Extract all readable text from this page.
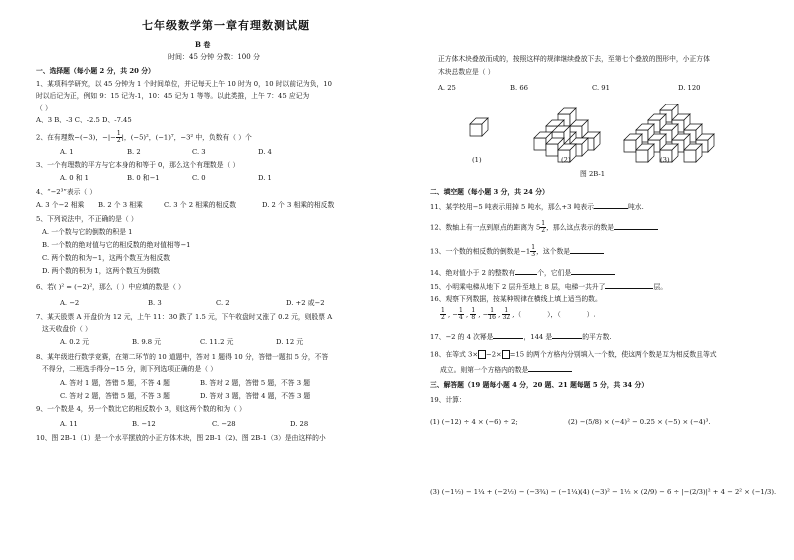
七年级数学第一章有理数测试题
B 卷
时间：45 分钟 分数：100 分
一、选择题（每小题 2 分，共 20 分）
1、某项科学研究，以 45 分钟为 1 个时间单位，并记每天上午 10 时为 0，10 时以前记为负，10
时以后记为正，例如 9：15 记为-1，10：45 记为 1 等等。以此类推，上午 7：45 应记为
（ ）
A、3 B、-3 C、-2.5 D、-7.45
2、在有理数−(−3)，−|− $\frac{1}{2}$ |，(−5)²，(−1)⁷，−3² 中，负数有（ ）个
A. 1	B. 2	C. 3	D. 4
3、一个有理数的平方与它本身的和等于 0，那么这个有理数是（ ）
A. 0 和 1	B. 0 和−1	C. 0	D. 1
4、“−2³”表示（ ）
A. 3 个−2 相乘 B. 2 个 3 相乘	C. 3 个 2 相乘的相反数	D. 2 个 3 相乘的相反数
5、下列说法中，不正确的是（ ）
A. 一个数与它的倒数的积是 1
B. 一个数的绝对值与它的相反数的绝对值相等−1
C. 两个数的和为−1，这两个数互为相反数
D. 两个数的积为 1，这两个数互为倒数
6、若( )² = (−2)²，那么（ ）中应填的数是（ ）
A. −2	B. 3	C. 2	D. +2 或−2
7、某天股票 A 开盘价为 12 元，上午 11：30 跌了 1.5 元，下午收盘时又涨了 0.2 元，则股票 A
这天收盘价（ ）
A. 0.2 元	B. 9.8 元	C. 11.2 元	D. 12 元
8、某年级进行数学竞赛，在第二环节的 10 道题中，答对 1 题得 10 分，答错一题扣 5 分，不答
不得分，二班选手得分−15 分，则下列选项正确的是（ ）
A. 答对 1 题，答错 5 题，不答 4 题	B. 答对 2 题，答错 5 题，不答 3 题
C. 答对 2 题，答错 5 题，不答 3 题	D. 答对 3 题，答错 4 题，不答 3 题
9、一个数是 4，另一个数比它的相反数小 3，则这两个数的和为（ ）
A. 11	B. −12	C. −28	D. 28
10、图 2B-1（1）是一个水平摆放的小正方体木块，图 2B-1（2)、图 2B-1（3）是由这样的小
正方体木块叠放而成的，按照这样的规律继续叠放下去，至第七个叠放的图形中，小正方体
木块总数应是（ ）
A. 25	B. 66	C. 91	D. 120
(1)	(2)	(3)
图 2B-1
二、填空题（每小题 3 分，共 24 分）
11、某学校用−5 吨表示用掉 5 吨水，那么+3 吨表示	吨水.
12、数轴上有一点到原点的距离为 $5 \frac{1}{2}$ ，那么这点表示的数是
13、一个数的相反数的倒数是$-1 \frac{1}{3}$ ，这个数是
14、绝对值小于 2 的整数有	个，它们是
15、小明乘电梯从地下 2 层升至地上 8 层，电梯一共升了	层。
16、观察下列数据，按某种规律在横线上填上适当的数。
$\frac{1}{2}$ , − $\frac{1}{4}$ , $\frac{1}{8}$ , − $\frac{1}{16}$ , $\frac{1}{32}$ ,（            ），（            ）.
17、−2 的 4 次幂是	，144 是	的平方数.
18、在等式 3× −2× =15 的两个方格内分别填入一个数，使这两个数是互为相反数且等式
成立。则第一个方格内的数是
三、解答题（19 题每小题 4 分，20 题、21 题每题 5 分，共 34 分）
19、计算：
(1) (−12) ÷ 4 × (−6) ÷ 2;	(2) −(5/8) × (−4)² − 0.25 × (−5) × (−4)³.
(3) (−1½) − 1¼ + (−2½) − (−3¾) − (−1¼).
(4) (−3)² − 1½ × (2/9) − 6 ÷ |−(2/3)|² + 4 − 2² × (−1/3).
